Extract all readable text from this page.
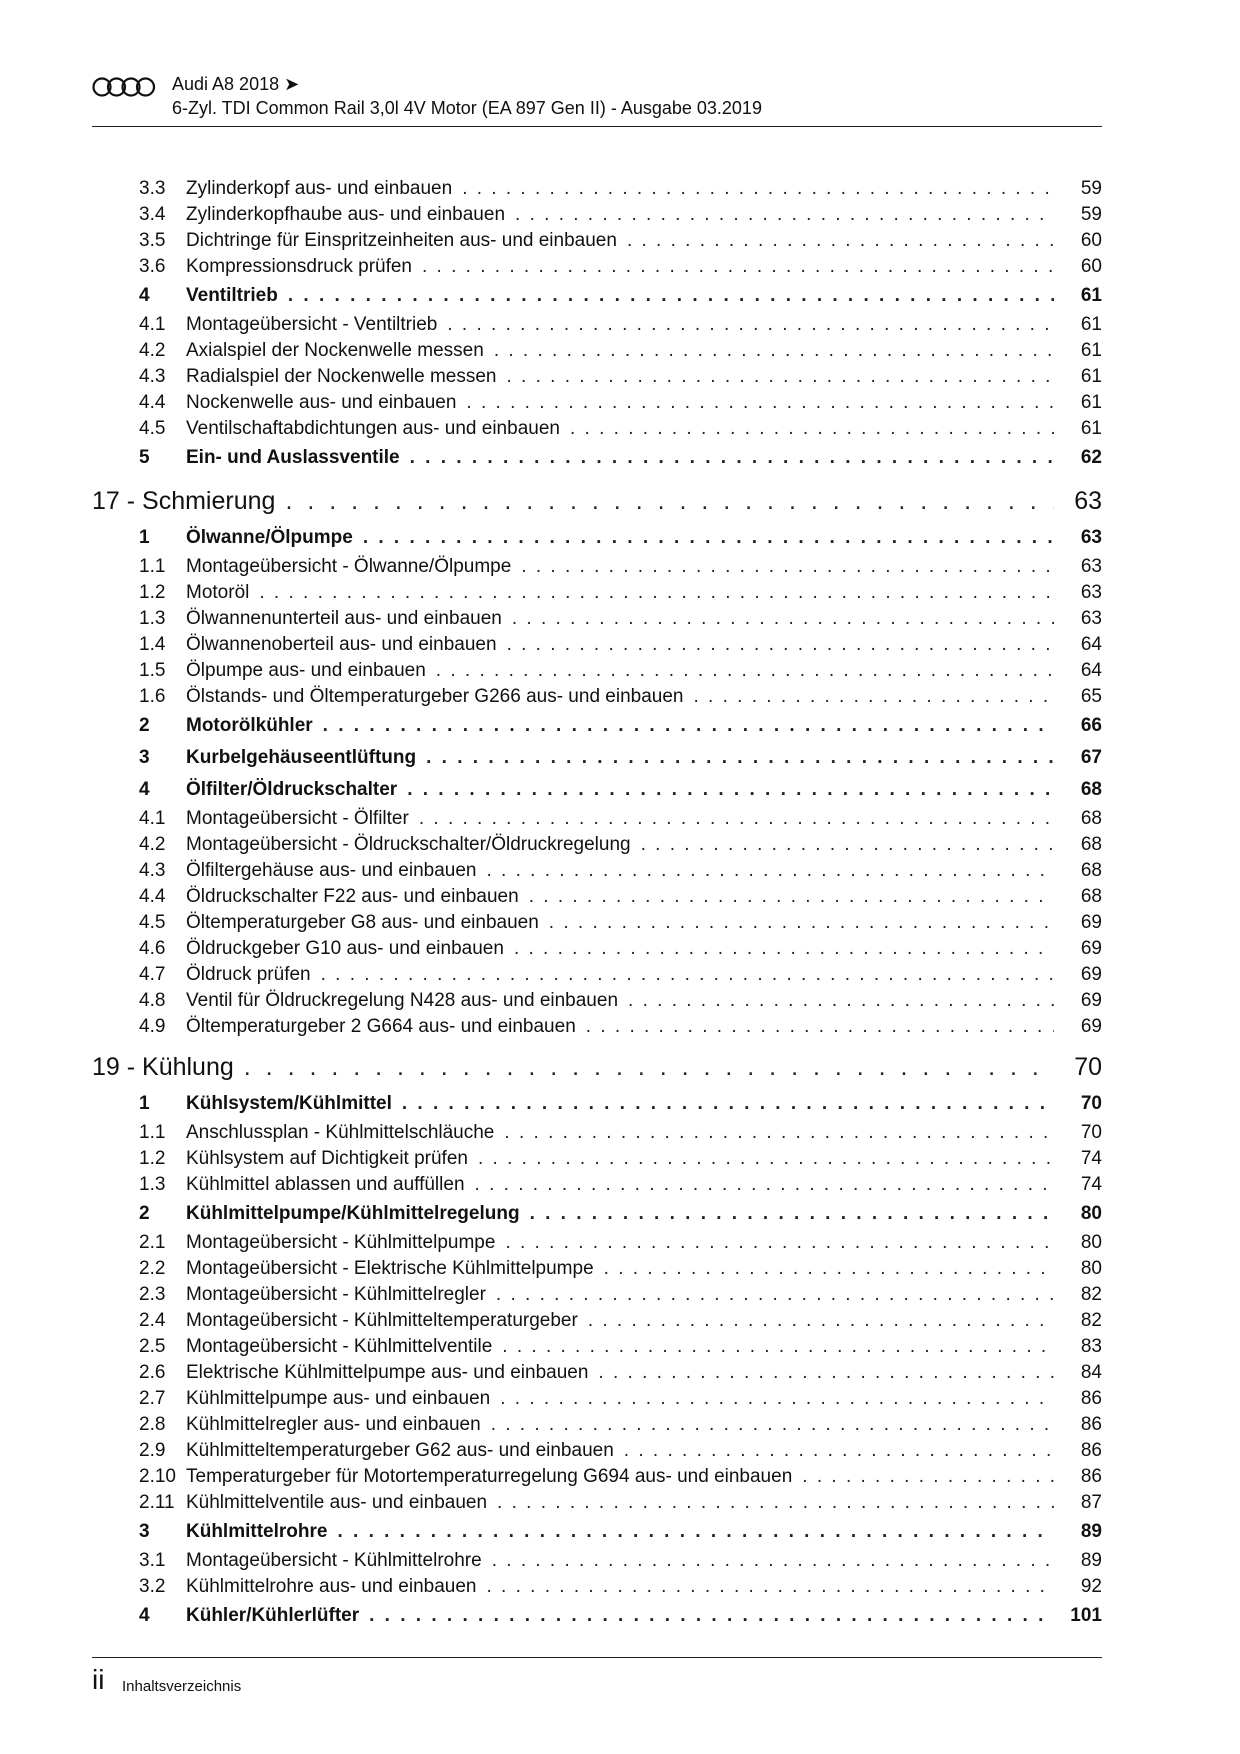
Audi A8 2018 ➤
6-Zyl. TDI Common Rail 3,0l 4V Motor (EA 897 Gen II) - Ausgabe 03.2019
3.3	Zylinderkopf aus- und einbauen . . .	59
3.4	Zylinderkopfhaube aus- und einbauen . . .	59
3.5	Dichtringe für Einspritzeinheiten aus- und einbauen . . .	60
3.6	Kompressionsdruck prüfen . . .	60
4	Ventiltrieb . . .	61
4.1	Montageübersicht - Ventiltrieb . . .	61
4.2	Axialspiel der Nockenwelle messen . . .	61
4.3	Radialspiel der Nockenwelle messen . . .	61
4.4	Nockenwelle aus- und einbauen . . .	61
4.5	Ventilschaftabdichtungen aus- und einbauen . . .	61
5	Ein- und Auslassventile . . .	62
17 - Schmierung . . .	63
1	Ölwanne/Ölpumpe . . .	63
1.1	Montageübersicht - Ölwanne/Ölpumpe . . .	63
1.2	Motoröl . . .	63
1.3	Ölwannenunterteil aus- und einbauen . . .	63
1.4	Ölwannenoberteil aus- und einbauen . . .	64
1.5	Ölpumpe aus- und einbauen . . .	64
1.6	Ölstands- und Öltemperaturgeber G266 aus- und einbauen . . .	65
2	Motorölkühler . . .	66
3	Kurbelgehäuseentlüftung . . .	67
4	Ölfilter/Öldruckschalter . . .	68
4.1	Montageübersicht - Ölfilter . . .	68
4.2	Montageübersicht - Öldruckschalter/Öldruckregelung . . .	68
4.3	Ölfiltergehäuse aus- und einbauen . . .	68
4.4	Öldruckschalter F22 aus- und einbauen . . .	68
4.5	Öltemperaturgeber G8 aus- und einbauen . . .	69
4.6	Öldruckgeber G10 aus- und einbauen . . .	69
4.7	Öldruck prüfen . . .	69
4.8	Ventil für Öldruckregelung N428 aus- und einbauen . . .	69
4.9	Öltemperaturgeber 2 G664 aus- und einbauen . . .	69
19 - Kühlung . . .	70
1	Kühlsystem/Kühlmittel . . .	70
1.1	Anschlussplan - Kühlmittelschläuche . . .	70
1.2	Kühlsystem auf Dichtigkeit prüfen . . .	74
1.3	Kühlmittel ablassen und auffüllen . . .	74
2	Kühlmittelpumpe/Kühlmittelregelung . . .	80
2.1	Montageübersicht - Kühlmittelpumpe . . .	80
2.2	Montageübersicht - Elektrische Kühlmittelpumpe . . .	80
2.3	Montageübersicht - Kühlmittelregler . . .	82
2.4	Montageübersicht - Kühlmitteltemperaturgeber . . .	82
2.5	Montageübersicht - Kühlmittelventile . . .	83
2.6	Elektrische Kühlmittelpumpe aus- und einbauen . . .	84
2.7	Kühlmittelpumpe aus- und einbauen . . .	86
2.8	Kühlmittelregler aus- und einbauen . . .	86
2.9	Kühlmitteltemperaturgeber G62 aus- und einbauen . . .	86
2.10 Temperaturgeber für Motortemperaturregelung G694 aus- und einbauen . . .	86
2.11 Kühlmittelventile aus- und einbauen . . .	87
3	Kühlmittelrohre . . .	89
3.1	Montageübersicht - Kühlmittelrohre . . .	89
3.2	Kühlmittelrohre aus- und einbauen . . .	92
4	Kühler/Kühlerlüfter . . .	101
ii Inhaltsverzeichnis
